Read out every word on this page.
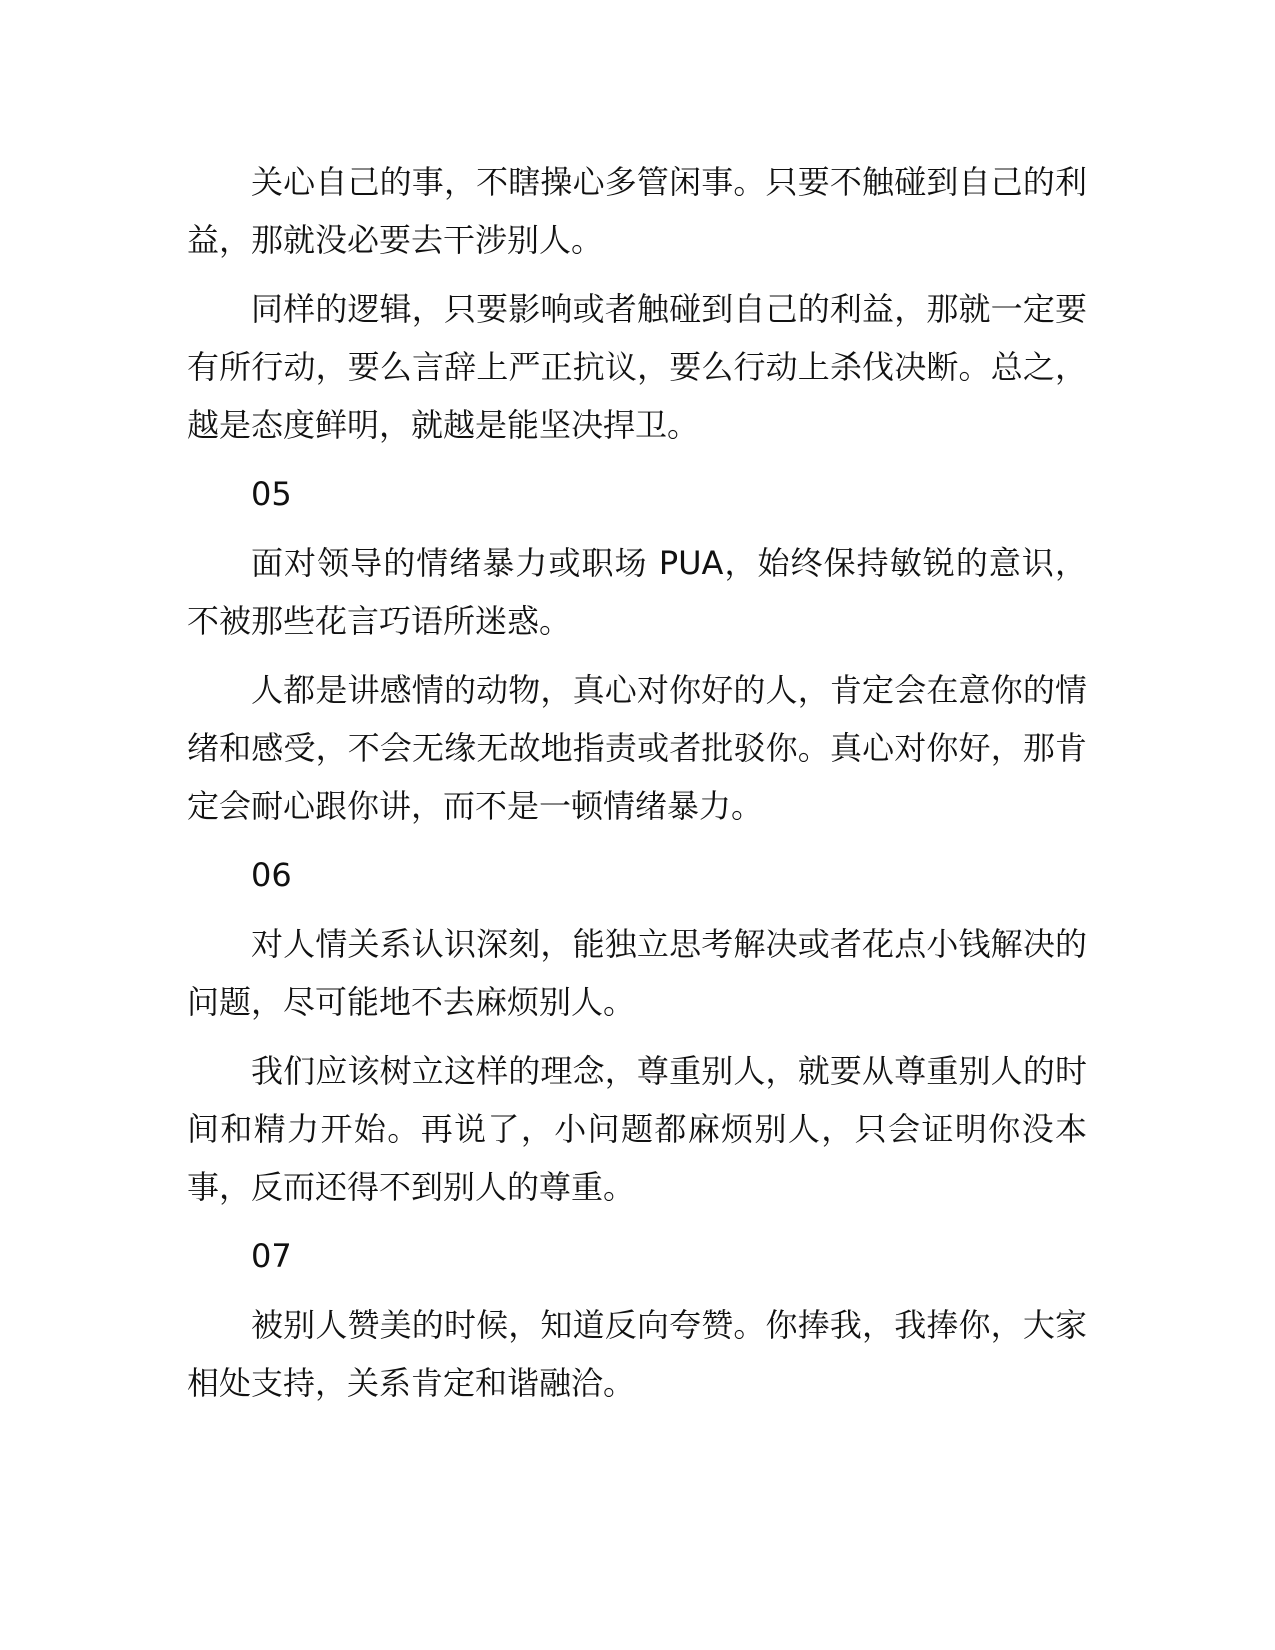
关心自己的事，不瞎操心多管闲事。只要不触碰到自己的利益，那就没必要去干涉别人。

同样的逻辑，只要影响或者触碰到自己的利益，那就一定要有所行动，要么言辞上严正抗议，要么行动上杀伐决断。总之，越是态度鲜明，就越是能坚决捍卫。

05

面对领导的情绪暴力或职场 PUA，始终保持敏锐的意识，不被那些花言巧语所迷惑。

人都是讲感情的动物，真心对你好的人，肯定会在意你的情绪和感受，不会无缘无故地指责或者批驳你。真心对你好，那肯定会耐心跟你讲，而不是一顿情绪暴力。

06

对人情关系认识深刻，能独立思考解决或者花点小钱解决的问题，尽可能地不去麻烦别人。

我们应该树立这样的理念，尊重别人，就要从尊重别人的时间和精力开始。再说了，小问题都麻烦别人，只会证明你没本事，反而还得不到别人的尊重。

07

被别人赞美的时候，知道反向夸赞。你捧我，我捧你，大家相处支持，关系肯定和谐融洽。
